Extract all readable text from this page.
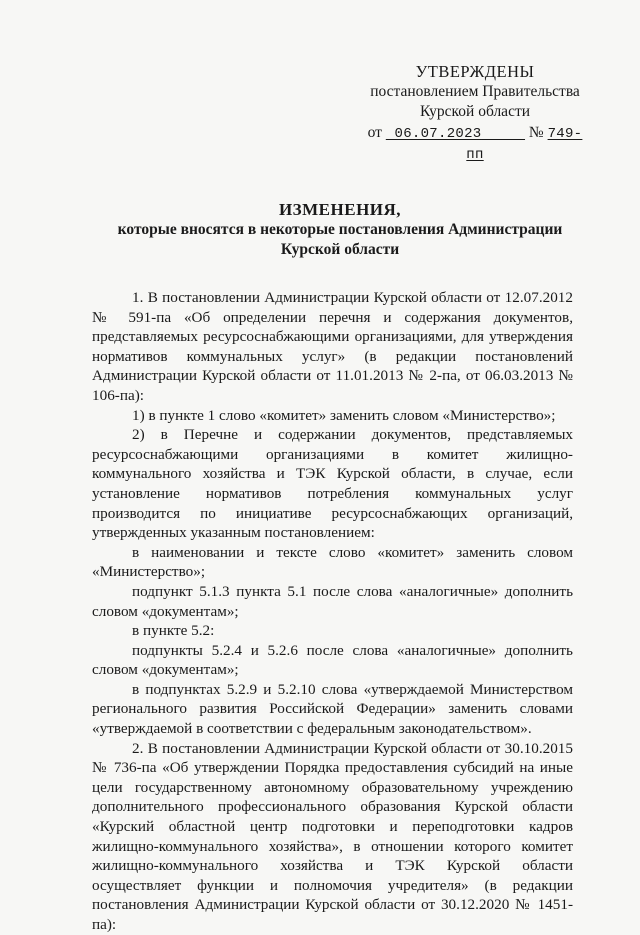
УТВЕРЖДЕНЫ
постановлением Правительства
Курской области
от 06.07.2023	№ 749-пп
ИЗМЕНЕНИЯ,
которые вносятся в некоторые постановления Администрации Курской области

1. В постановлении Администрации Курской области от 12.07.2012 № 591-па «Об определении перечня и содержания документов, представляемых ресурсоснабжающими организациями, для утверждения нормативов коммунальных услуг» (в редакции постановлений Администрации Курской области от 11.01.2013 № 2-па, от 06.03.2013 № 106-па):

1) в пункте 1 слово «комитет» заменить словом «Министерство»;

2) в Перечне и содержании документов, представляемых ресурсоснабжающими организациями в комитет жилищно-коммунального хозяйства и ТЭК Курской области, в случае, если установление нормативов потребления коммунальных услуг производится по инициативе ресурсоснабжающих организаций, утвержденных указанным постановлением:

в наименовании и тексте слово «комитет» заменить словом «Министерство»;

подпункт 5.1.3 пункта 5.1 после слова «аналогичные» дополнить словом «документам»;

в пункте 5.2:

подпункты 5.2.4 и 5.2.6 после слова «аналогичные» дополнить словом «документам»;

в подпунктах 5.2.9 и 5.2.10 слова «утверждаемой Министерством регионального развития Российской Федерации» заменить словами «утверждаемой в соответствии с федеральным законодательством».

2. В постановлении Администрации Курской области от 30.10.2015 № 736-па «Об утверждении Порядка предоставления субсидий на иные цели государственному автономному образовательному учреждению дополнительного профессионального образования Курской области «Курский областной центр подготовки и переподготовки кадров жилищно-коммунального хозяйства», в отношении которого комитет жилищно-коммунального хозяйства и ТЭК Курской области осуществляет функции и полномочия учредителя» (в редакции постановления Администрации Курской области от 30.12.2020 № 1451-па):
